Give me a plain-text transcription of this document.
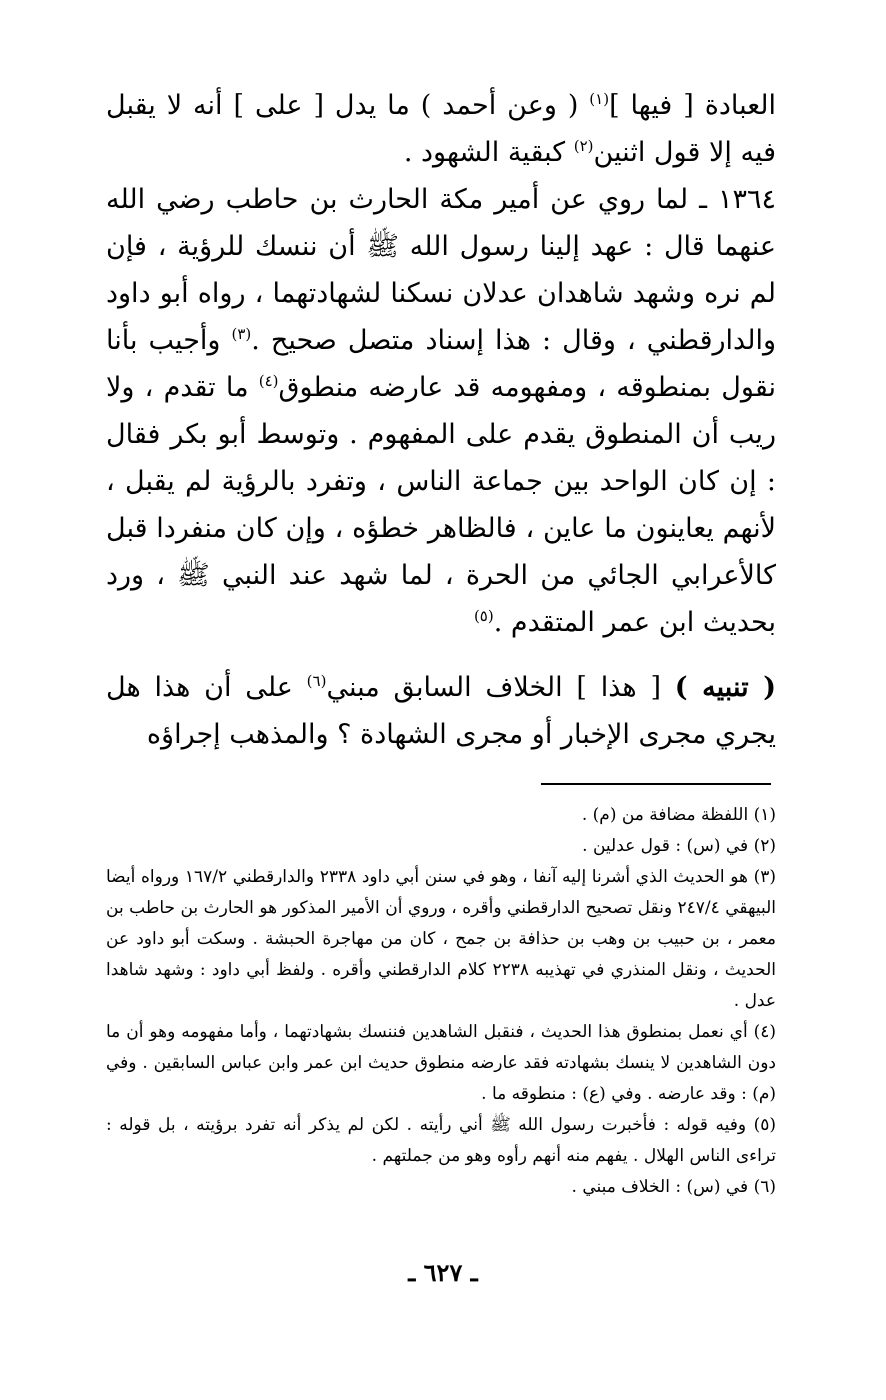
العبادة [ فيها ]$^{(١)}$ ( وعن أحمد ) ما يدل [ على ] أنه لا يقبل فيه إلا قول اثنين$^{(٢)}$ كبقية الشهود .

١٣٦٤ ـ لما روي عن أمير مكة الحارث بن حاطب رضي الله عنهما قال : عهد إلينا رسول الله ﷺ أن ننسك للرؤية ، فإن لم نره وشهد شاهدان عدلان نسكنا لشهادتهما ، رواه أبو داود والدارقطني ، وقال : هذا إسناد متصل صحيح .$^{(٣)}$ وأجيب بأنا نقول بمنطوقه ، ومفهومه قد عارضه منطوق$^{(٤)}$ ما تقدم ، ولا ريب أن المنطوق يقدم على المفهوم . وتوسط أبو بكر فقال : إن كان الواحد بين جماعة الناس ، وتفرد بالرؤية لم يقبل ، لأنهم يعاينون ما عاين ، فالظاهر خطؤه ، وإن كان منفردا قبل كالأعرابي الجائي من الحرة ، لما شهد عند النبي ﷺ ، ورد بحديث ابن عمر المتقدم .$^{(٥)}$

( تنبيه ) [ هذا ] الخلاف السابق مبني$^{(٦)}$ على أن هذا هل يجري مجرى الإخبار أو مجرى الشهادة ؟ والمذهب إجراؤه

(١) اللفظة مضافة من (م) .

(٢) في (س) : قول عدلين .

(٣) هو الحديث الذي أشرنا إليه آنفا ، وهو في سنن أبي داود ٢٣٣٨ والدارقطني ١٦٧/٢ ورواه أيضا البيهقي ٢٤٧/٤ ونقل تصحيح الدارقطني وأقره ، وروي أن الأمير المذكور هو الحارث بن حاطب بن معمر ، بن حبيب بن وهب بن حذافة بن جمح ، كان من مهاجرة الحبشة . وسكت أبو داود عن الحديث ، ونقل المنذري في تهذيبه ٢٢٣٨ كلام الدارقطني وأقره . ولفظ أبي داود : وشهد شاهدا عدل .

(٤) أي نعمل بمنطوق هذا الحديث ، فنقبل الشاهدين فننسك بشهادتهما ، وأما مفهومه وهو أن ما دون الشاهدين لا ينسك بشهادته فقد عارضه منطوق حديث ابن عمر وابن عباس السابقين . وفي (م) : وقد عارضه . وفي (ع) : منطوقه ما .

(٥) وفيه قوله : فأخبرت رسول الله ﷺ أني رأيته . لكن لم يذكر أنه تفرد برؤيته ، بل قوله : تراءى الناس الهلال . يفهم منه أنهم رأوه وهو من جملتهم .

(٦) في (س) : الخلاف مبني .

ـ ٦٢٧ ـ
